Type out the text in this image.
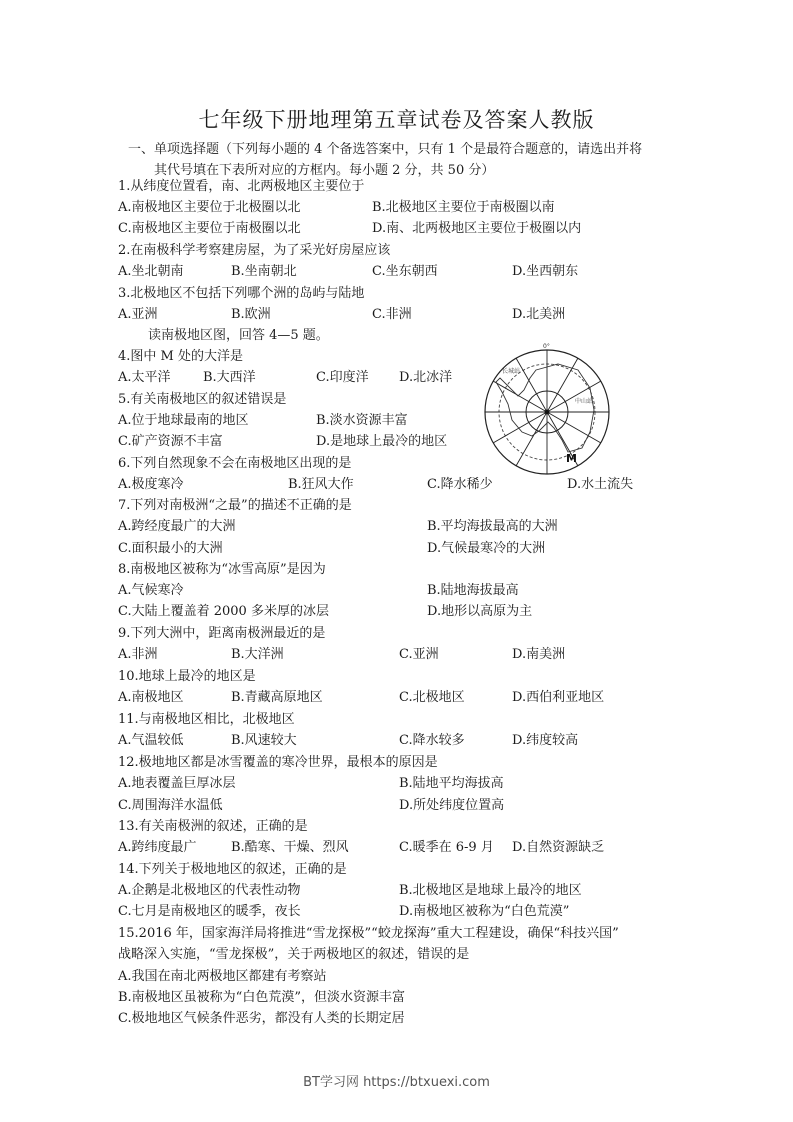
七年级下册地理第五章试卷及答案人教版
一、单项选择题（下列每小题的 4 个备选答案中，只有 1 个是最符合题意的，请选出并将
其代号填在下表所对应的方框内。每小题 2 分，共 50 分）
1.从纬度位置看，南、北两极地区主要位于
A.南极地区主要位于北极圈以北	B.北极地区主要位于南极圈以南
C.南极地区主要位于南极圈以北	D.南、北两极地区主要位于极圈以内
2.在南极科学考察建房屋，为了采光好房屋应该
A.坐北朝南	B.坐南朝北	C.坐东朝西	D.坐西朝东
3.北极地区不包括下列哪个洲的岛屿与陆地
A.亚洲	B.欧洲	C.非洲	D.北美洲
读南极地区图，回答 4—5 题。
4.图中 M 处的大洋是
A.太平洋 B.大西洋	C.印度洋 D.北冰洋
5.有关南极地区的叙述错误是
A.位于地球最南的地区	B.淡水资源丰富
C.矿产资源不丰富	D.是地球上最冷的地区
0°
长城站
中山站
M
6.下列自然现象不会在南极地区出现的是
A.极度寒冷	B.狂风大作	C.降水稀少	D.水土流失
7.下列对南极洲“之最”的描述不正确的是
A.跨经度最广的大洲	B.平均海拔最高的大洲
C.面积最小的大洲	D.气候最寒冷的大洲
8.南极地区被称为“冰雪高原”是因为
A.气候寒冷	B.陆地海拔最高
C.大陆上覆盖着 2000 多米厚的冰层	D.地形以高原为主
9.下列大洲中，距离南极洲最近的是
A.非洲	B.大洋洲	C.亚洲	D.南美洲
10.地球上最冷的地区是
A.南极地区	B.青藏高原地区	C.北极地区	D.西伯利亚地区
11.与南极地区相比，北极地区
A.气温较低	B.风速较大	C.降水较多	D.纬度较高
12.极地地区都是冰雪覆盖的寒冷世界，最根本的原因是
A.地表覆盖巨厚冰层	B.陆地平均海拔高
C.周围海洋水温低	D.所处纬度位置高
13.有关南极洲的叙述，正确的是
A.跨纬度最广	B.酷寒、干燥、烈风	C.暖季在 6-9 月 D.自然资源缺乏
14.下列关于极地地区的叙述，正确的是
A.企鹅是北极地区的代表性动物	B.北极地区是地球上最冷的地区
C.七月是南极地区的暖季，夜长	D.南极地区被称为“白色荒漠”
15.2016 年，国家海洋局将推进“雪龙探极”“蛟龙探海”重大工程建设，确保“科技兴国”
战略深入实施，“雪龙探极”，关于两极地区的叙述，错误的是
A.我国在南北两极地区都建有考察站
B.南极地区虽被称为“白色荒漠”，但淡水资源丰富
C.极地地区气候条件恶劣，都没有人类的长期定居
BT学习网 https://btxuexi.com
